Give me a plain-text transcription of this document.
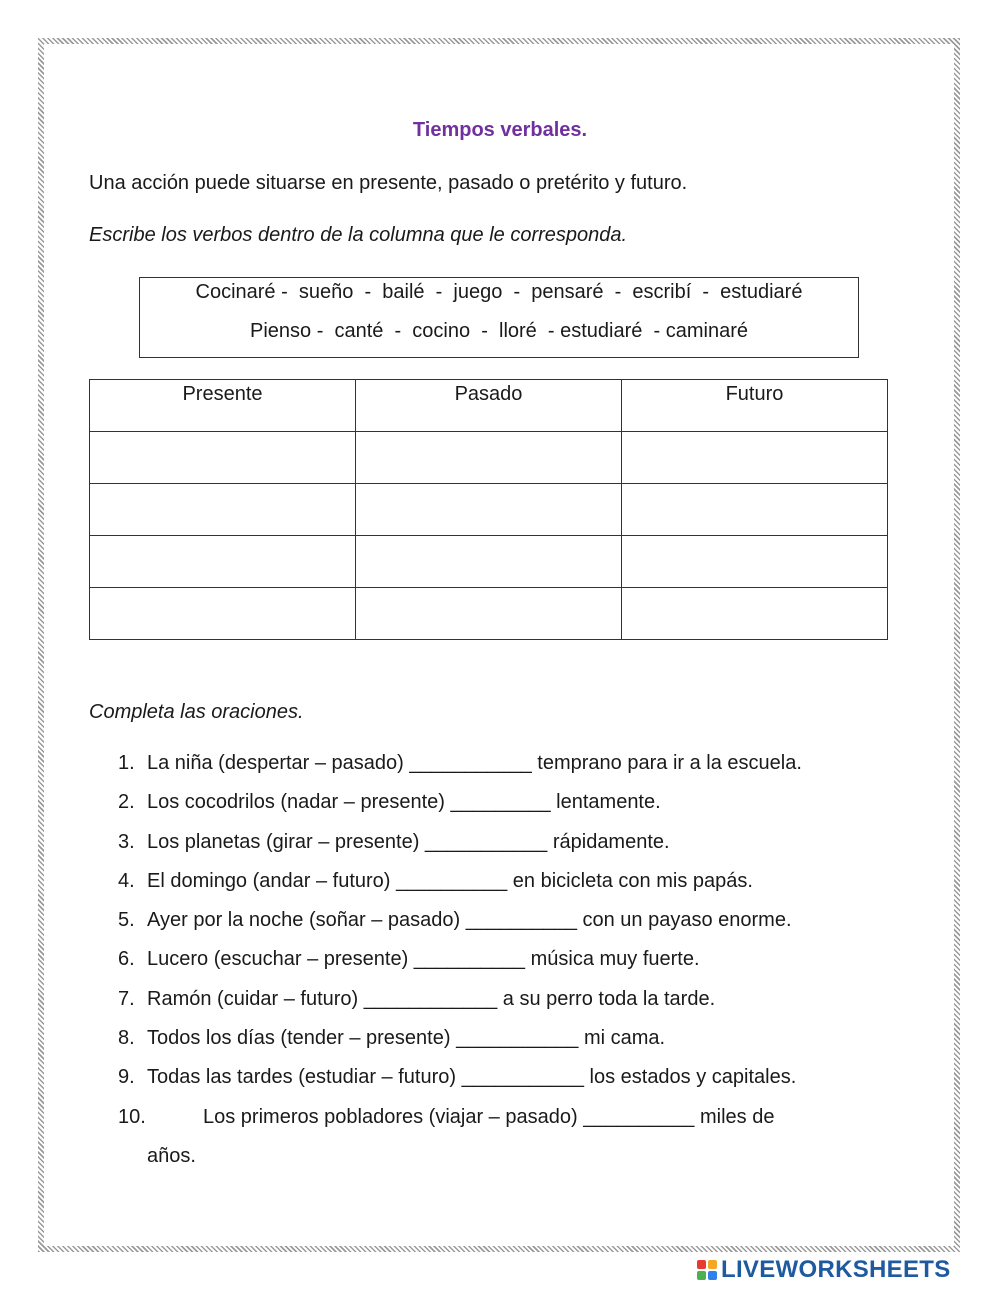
Tiempos verbales.
Una acción puede situarse en presente, pasado o pretérito y futuro.
Escribe los verbos dentro de la columna que le corresponda.
Cocinaré -  sueño  -  bailé  -  juego  -  pensaré  -  escribí  -  estudiaré
Pienso -  canté  -  cocino  -  lloré  - estudiaré  - caminaré
Presente	Pasado	Futuro

Completa las oraciones.
1. La niña (despertar – pasado) ___________ temprano para ir a la escuela.
2. Los cocodrilos (nadar – presente) _________ lentamente.
3. Los planetas (girar – presente) ___________ rápidamente.
4. El domingo (andar – futuro) __________ en bicicleta con mis papás.
5. Ayer por la noche (soñar – pasado) __________ con un payaso enorme.
6. Lucero (escuchar – presente) __________ música muy fuerte.
7. Ramón (cuidar – futuro) ____________ a su perro toda la tarde.
8. Todos los días (tender – presente) ___________ mi cama.
9. Todas las tardes (estudiar – futuro) ___________ los estados y capitales.
10.	Los primeros pobladores (viajar – pasado) __________ miles de
años.
LIVEWORKSHEETS
